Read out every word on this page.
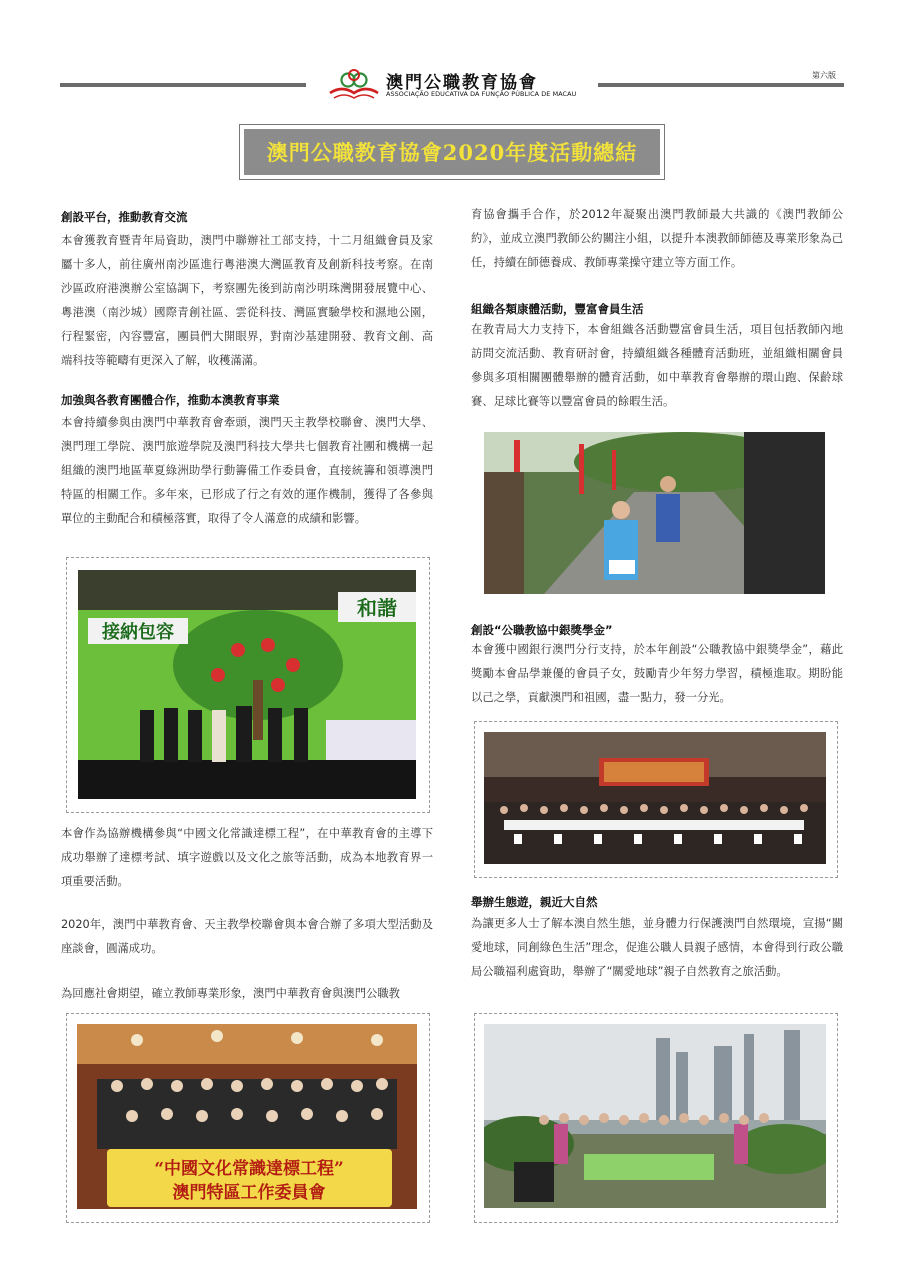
澳門公職教育協會
ASSOCIAÇÃO EDUCATIVA DA FUNÇÃO PÚBLICA DE MACAU
第六版
澳門公職教育協會2020年度活動總結
創設平台，推動教育交流
本會獲教育暨青年局資助，澳門中聯辦社工部支持，十二月組織會員及家屬十多人，前往廣州南沙區進行粵港澳大灣區教育及創新科技考察。在南沙區政府港澳辦公室協調下，考察團先後到訪南沙明珠灣開發展覽中心、粵港澳（南沙城）國際青創社區、雲從科技、灣區實驗學校和濕地公園，行程緊密，內容豐富，團員們大開眼界，對南沙基建開發、教育文創、高端科技等範疇有更深入了解，收穫滿滿。
加強與各教育團體合作，推動本澳教育事業
本會持續參與由澳門中華教育會牽頭，澳門天主教學校聯會、澳門大學、澳門理工學院、澳門旅遊學院及澳門科技大學共七個教育社團和機構一起組織的澳門地區華夏綠洲助學行動籌備工作委員會，直接統籌和領導澳門特區的相關工作。多年來，已形成了行之有效的運作機制，獲得了各參與單位的主動配合和積極落實，取得了令人滿意的成績和影響。
和諧
接納包容
本會作為協辦機構參與“中國文化常識達標工程”，在中華教育會的主導下成功舉辦了達標考試、填字遊戲以及文化之旅等活動，成為本地教育界一項重要活動。
2020年，澳門中華教育會、天主教學校聯會與本會合辦了多項大型活動及座談會，圓滿成功。
為回應社會期望，確立教師專業形象，澳門中華教育會與澳門公職教
“中國文化常識達標工程”
澳門特區工作委員會
育協會攜手合作，於2012年凝聚出澳門教師最大共識的《澳門教師公約》，並成立澳門教師公約關注小組，以提升本澳教師師德及專業形象為己任，持續在師德養成、教師專業操守建立等方面工作。
組織各類康體活動，豐富會員生活
在教青局大力支持下，本會組織各活動豐富會員生活，項目包括教師內地訪問交流活動、教育研討會，持續組織各種體育活動班，並組織相關會員參與多項相關團體舉辦的體育活動，如中華教育會舉辦的環山跑、保齡球賽、足球比賽等以豐富會員的餘暇生活。
創設“公職教協中銀獎學金”
本會獲中國銀行澳門分行支持，於本年創設“公職教協中銀獎學金”，藉此獎勵本會品學兼優的會員子女，鼓勵青少年努力學習，積極進取。期盼能以己之學，貢獻澳門和祖國，盡一點力，發一分光。
舉辦生態遊，親近大自然
為讓更多人士了解本澳自然生態，並身體力行保護澳門自然環境，宣揚“關愛地球，同創綠色生活”理念，促進公職人員親子感情，本會得到行政公職局公職福利處資助，舉辦了“關愛地球”親子自然教育之旅活動。
